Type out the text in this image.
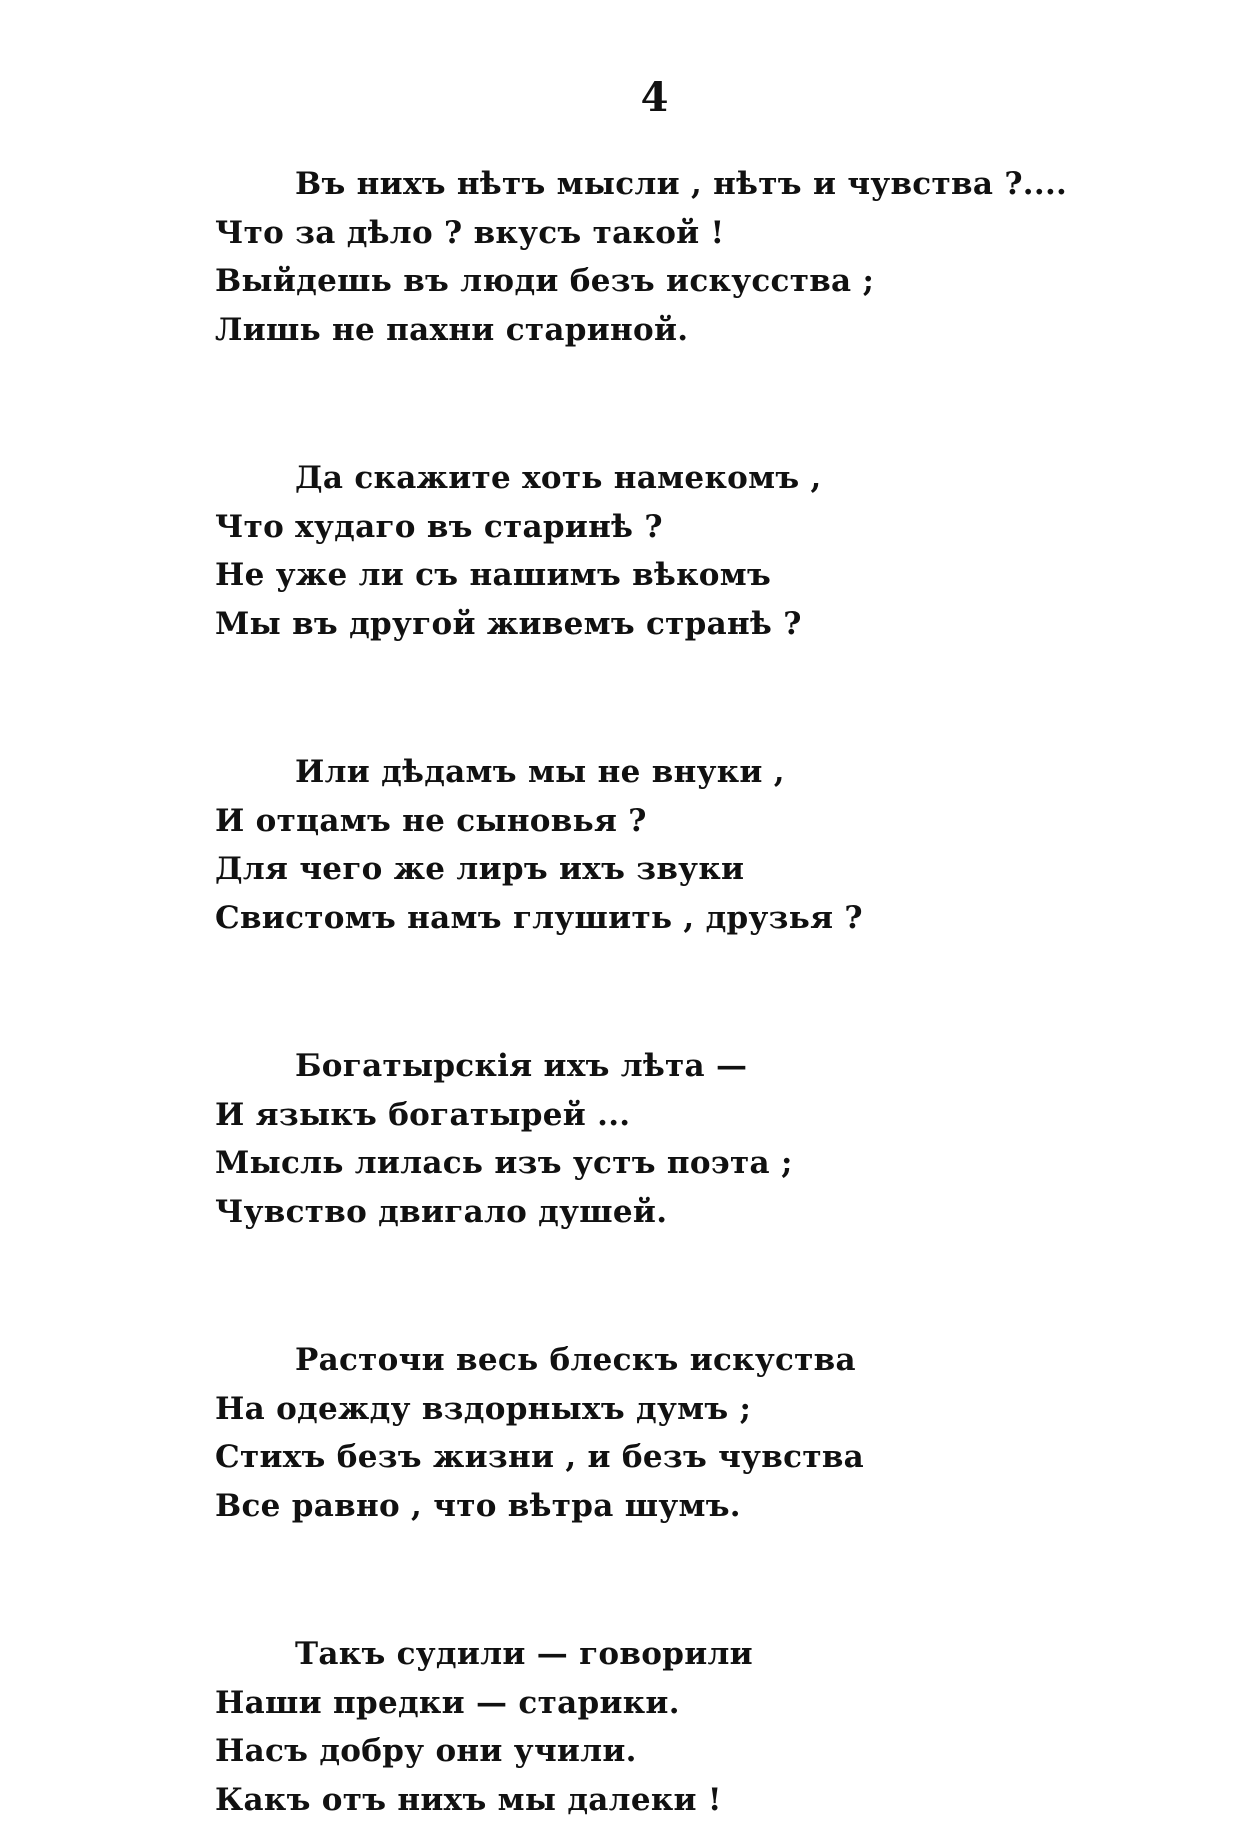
4
Въ нихъ нѣтъ мысли , нѣтъ и чувства ?....
Что за дѣло ? вкусъ такой !
Выйдешь въ люди безъ искусства ;
Лишь не пахни стариной.
Да скажите хоть намекомъ ,
Что худаго въ старинѣ ?
Не уже ли съ нашимъ вѣкомъ
Мы въ другой живемъ странѣ ?
Или дѣдамъ мы не внуки ,
И отцамъ не сыновья ?
Для чего же лиръ ихъ звуки
Свистомъ намъ глушить , друзья ?
Богатырскія ихъ лѣта —
И языкъ богатырей ...
Мысль лилась изъ устъ поэта ;
Чувство двигало душей.
Расточи весь блескъ искуства
На одежду вздорныхъ думъ ;
Стихъ безъ жизни , и безъ чувства
Все равно , что вѣтра шумъ.
Такъ судили — говорили
Наши предки — старики.
Насъ добру они учили.
Какъ отъ нихъ мы далеки !
